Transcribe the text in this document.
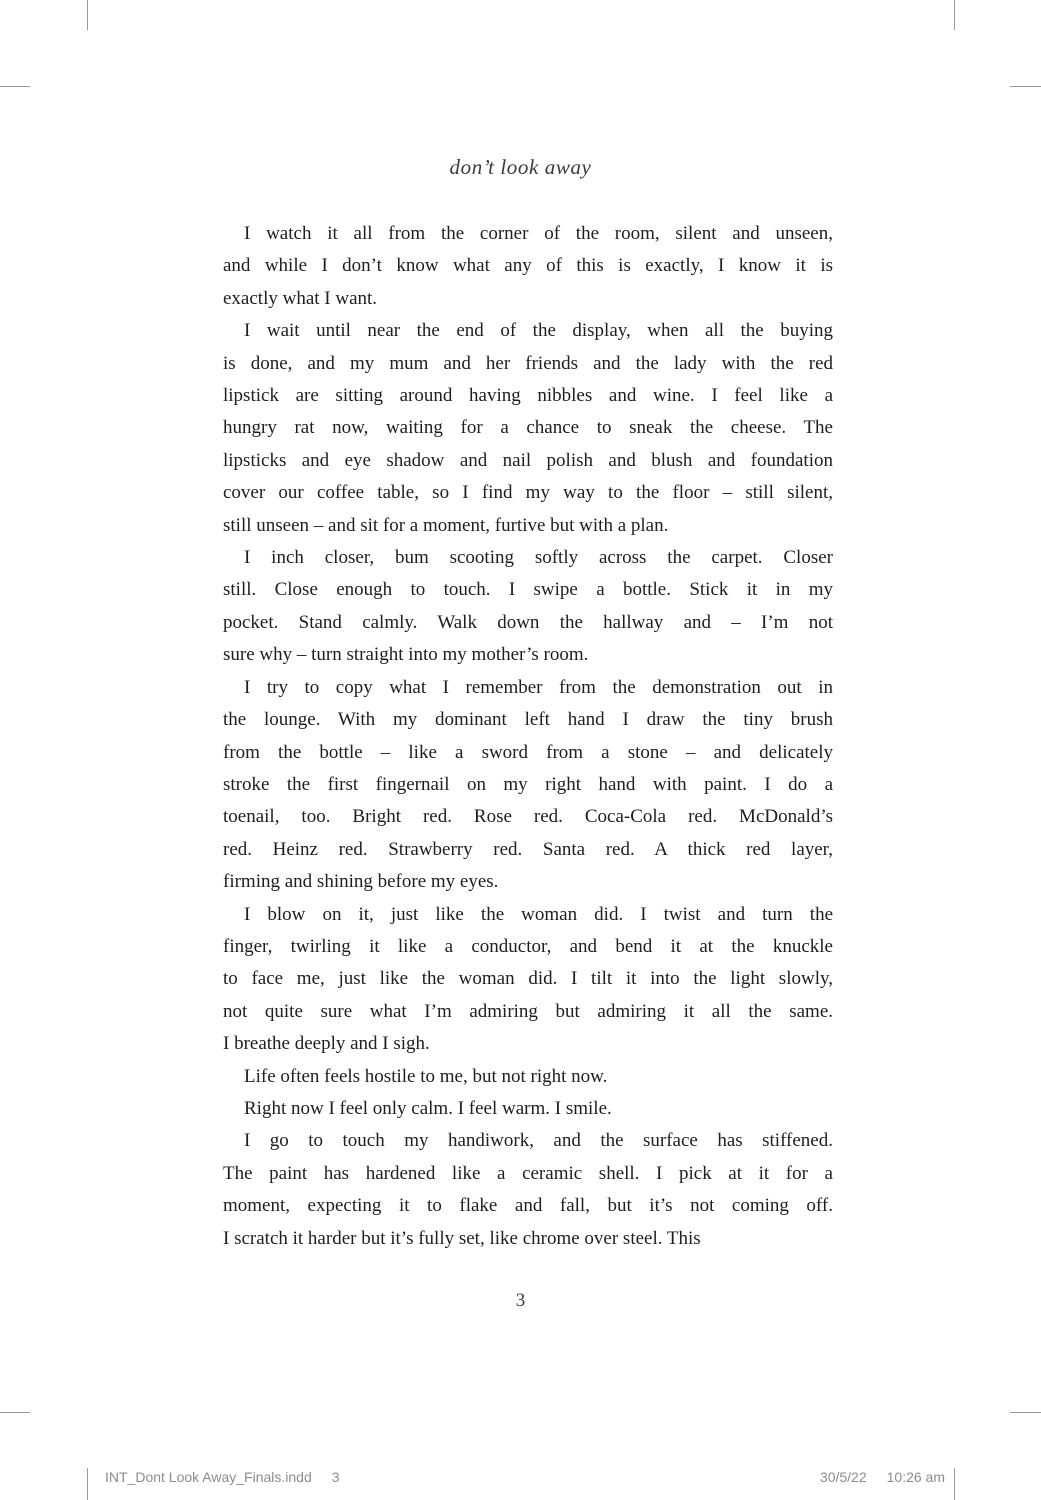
don’t look away
I watch it all from the corner of the room, silent and unseen,
and while I don’t know what any of this is exactly, I know it is
exactly what I want.
I wait until near the end of the display, when all the buying
is done, and my mum and her friends and the lady with the red
lipstick are sitting around having nibbles and wine. I feel like a
hungry rat now, waiting for a chance to sneak the cheese. The
lipsticks and eye shadow and nail polish and blush and foundation
cover our coffee table, so I find my way to the floor – still silent,
still unseen – and sit for a moment, furtive but with a plan.
I inch closer, bum scooting softly across the carpet. Closer
still. Close enough to touch. I swipe a bottle. Stick it in my
pocket. Stand calmly. Walk down the hallway and – I’m not
sure why – turn straight into my mother’s room.
I try to copy what I remember from the demonstration out in
the lounge. With my dominant left hand I draw the tiny brush
from the bottle – like a sword from a stone – and delicately
stroke the first fingernail on my right hand with paint. I do a
toenail, too. Bright red. Rose red. Coca-Cola red. McDonald’s
red. Heinz red. Strawberry red. Santa red. A thick red layer,
firming and shining before my eyes.
I blow on it, just like the woman did. I twist and turn the
finger, twirling it like a conductor, and bend it at the knuckle
to face me, just like the woman did. I tilt it into the light slowly,
not quite sure what I’m admiring but admiring it all the same.
I breathe deeply and I sigh.
Life often feels hostile to me, but not right now.
Right now I feel only calm. I feel warm. I smile.
I go to touch my handiwork, and the surface has stiffened.
The paint has hardened like a ceramic shell. I pick at it for a
moment, expecting it to flake and fall, but it’s not coming off.
I scratch it harder but it’s fully set, like chrome over steel. This
3
INT_Dont Look Away_Finals.indd 3	30/5/22 10:26 am
